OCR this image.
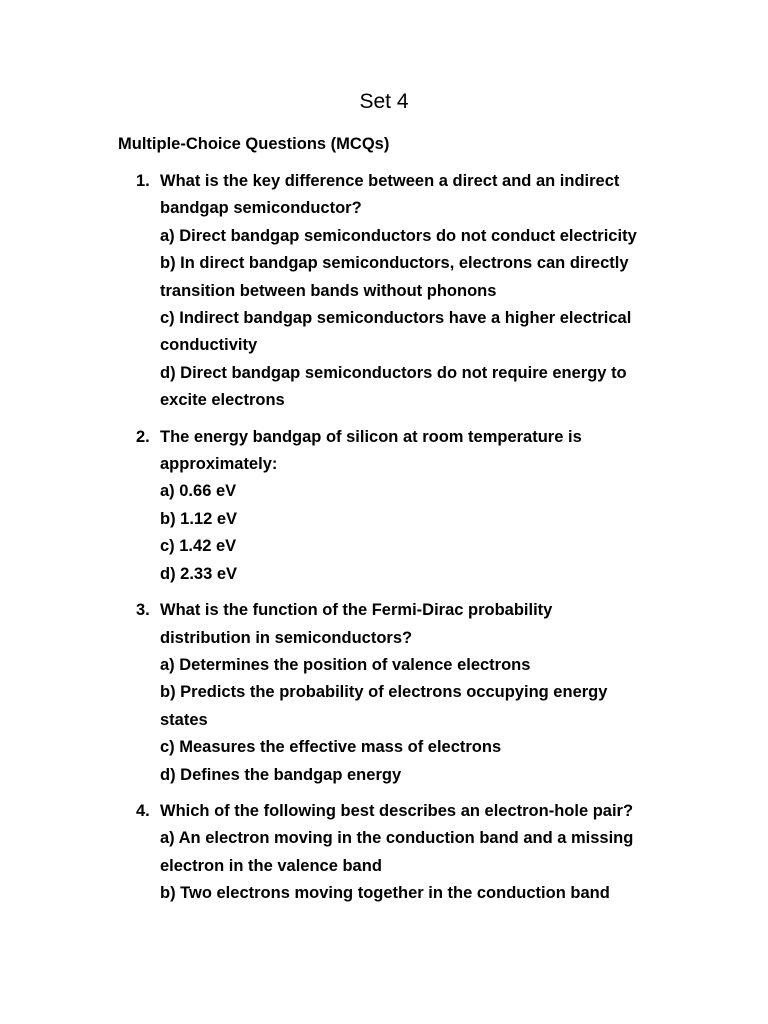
Set 4
Multiple-Choice Questions (MCQs)
1. What is the key difference between a direct and an indirect
bandgap semiconductor?
a) Direct bandgap semiconductors do not conduct electricity
b) In direct bandgap semiconductors, electrons can directly
transition between bands without phonons
c) Indirect bandgap semiconductors have a higher electrical
conductivity
d) Direct bandgap semiconductors do not require energy to
excite electrons
2. The energy bandgap of silicon at room temperature is
approximately:
a) 0.66 eV
b) 1.12 eV
c) 1.42 eV
d) 2.33 eV
3. What is the function of the Fermi-Dirac probability
distribution in semiconductors?
a) Determines the position of valence electrons
b) Predicts the probability of electrons occupying energy
states
c) Measures the effective mass of electrons
d) Defines the bandgap energy
4. Which of the following best describes an electron-hole pair?
a) An electron moving in the conduction band and a missing
electron in the valence band
b) Two electrons moving together in the conduction band
